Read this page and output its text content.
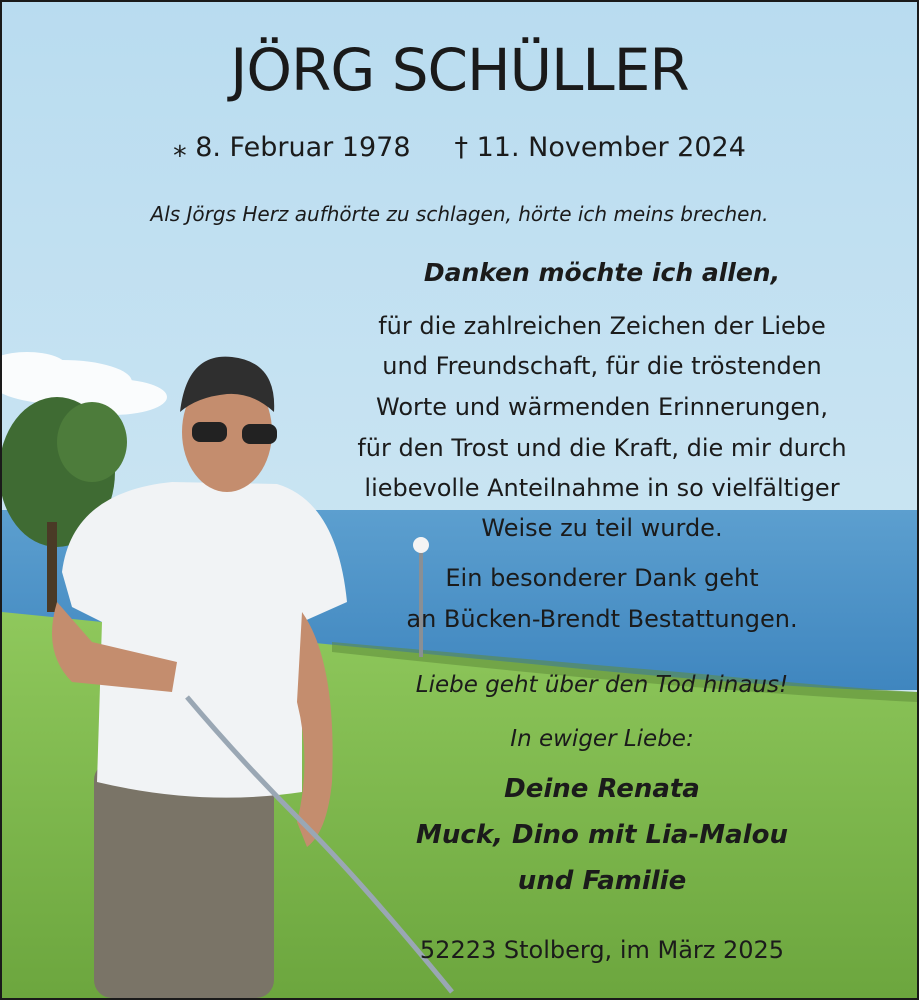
JÖRG SCHÜLLER
⁎ 8. Februar 1978 † 11. November 2024
Als Jörgs Herz aufhörte zu schlagen, hörte ich meins brechen.
Danken möchte ich allen,
für die zahlreichen Zeichen der Liebe
und Freundschaft, für die tröstenden
Worte und wärmenden Erinnerungen,
für den Trost und die Kraft, die mir durch
liebevolle Anteilnahme in so vielfältiger
Weise zu teil wurde.
Ein besonderer Dank geht
an Bücken-Brendt Bestattungen.
Liebe geht über den Tod hinaus!
In ewiger Liebe:
Deine Renata
Muck, Dino mit Lia-Malou
und Familie
52223 Stolberg, im März 2025
